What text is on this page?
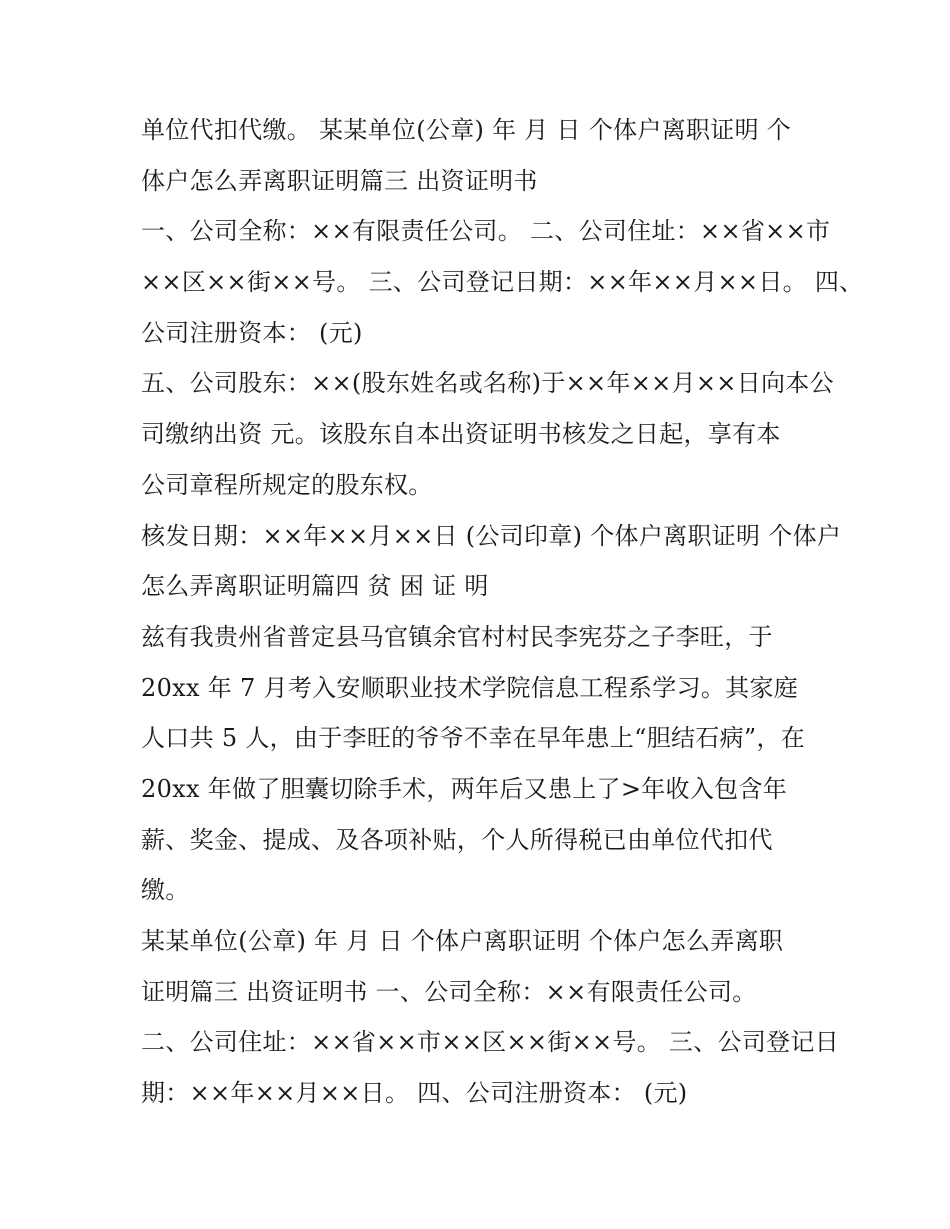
单位代扣代缴。 某某单位(公章) 年 月 日 个体户离职证明 个
体户怎么弄离职证明篇三 出资证明书
一、公司全称：××有限责任公司。 二、公司住址：××省××市
××区××街××号。 三、公司登记日期：××年××月××日。 四、
公司注册资本： (元)
五、公司股东：××(股东姓名或名称)于××年××月××日向本公
司缴纳出资 元。该股东自本出资证明书核发之日起，享有本
公司章程所规定的股东权。
核发日期：××年××月××日 (公司印章) 个体户离职证明 个体户
怎么弄离职证明篇四 贫 困 证 明
兹有我贵州省普定县马官镇余官村村民李宪芬之子李旺，于
20xx 年 7 月考入安顺职业技术学院信息工程系学习。其家庭
人口共 5 人，由于李旺的爷爷不幸在早年患上“胆结石病”，在
20xx 年做了胆囊切除手术，两年后又患上了>年收入包含年
薪、奖金、提成、及各项补贴，个人所得税已由单位代扣代
缴。
某某单位(公章) 年 月 日 个体户离职证明 个体户怎么弄离职
证明篇三 出资证明书 一、公司全称：××有限责任公司。
二、公司住址：××省××市××区××街××号。 三、公司登记日
期：××年××月××日。 四、公司注册资本： (元)
